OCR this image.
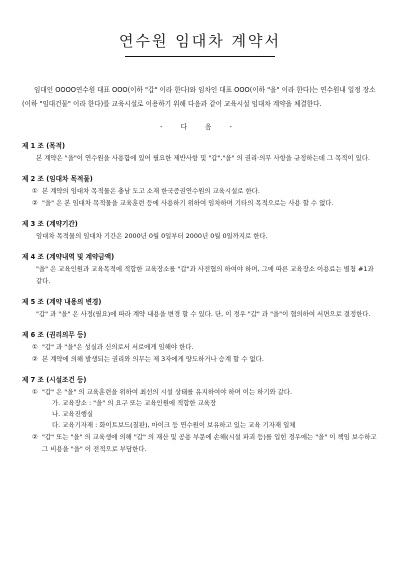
연수원 임대차 계약서
임대인 OOOO연수원 대표 OOO(이하 "갑" 이라 한다)와 임차인 대표 OOO(이하 "을" 이라 한다)는 연수원내 일정 장소(이하 "임대건물" 이라 한다)를 교육시설로 이용하기 위해 다음과 같이 교육시설 임대차 계약을 체결한다.
- 다 음 -
제 1 조 (목적)
본 계약은 "을"이 연수원을 사용함에 있어 필요한 제반사항 및 "갑","을" 의 권리·의무 사항을 규정하는데 그 목적이 있다.
제 2 조 (임대차 목적물)
① 본 계약의 임대차 목적물은 충남 도고 소재 한국증권연수원의 교육시설로 한다.
② "을" 은 본 임대차 목적물을 교육훈련 등에 사용하기 위하여 임차하며 기타의 목적으로는 사용 할 수 없다.
제 3 조 (계약기간)
임대차 목적물의 임대차 기간은 2000년 0월 0일부터 2000년 0월 0일까지로 한다.
제 4 조 (계약내역 및 계약금액)
"을" 은 교육인원과 교육목적에 적합한 교육장소를 "갑"과 사전협의 하여야 하며, 그에 따른 교육장소 이용료는 별첨 #1과 같다.
제 5 조 (계약 내용의 변경)
"갑" 과 "을" 은 사정(필요)에 따라 계약 내용을 변경 할 수 있다. 단, 이 경우 "갑" 과 "을"이 협의하여 서면으로 결정한다.
제 6 조 (권리의무 등)
① "갑" 과 "을"은 성실과 신의로서 서로에게 임해야 한다.
② 본 계약에 의해 발생되는 권리와 의무는 제 3자에게 양도하거나 승계 할 수 없다.
제 7 조 (시설조건 등)
① "갑" 은 "을" 의 교육훈련을 위하여 최선의 시설 상태를 유지하여야 하며 이는 하기와 같다.
가. 교육장소 : "을" 의 요구 또는 교육인원에 적합한 교육장
나. 교육진행실
다. 교육기자재 : 화이트보드(칠판), 마이크 등 연수원이 보유하고 있는 교육 기자재 일체
② "갑" 또는 "을" 의 교육생에 의해 "갑" 의 재산 및 공용 부문에 손해(시설 파괴 등)를 입힌 경우에는 "을" 이 책임 보수하고 그 비용을 "을" 이 전적으로 부담한다.
